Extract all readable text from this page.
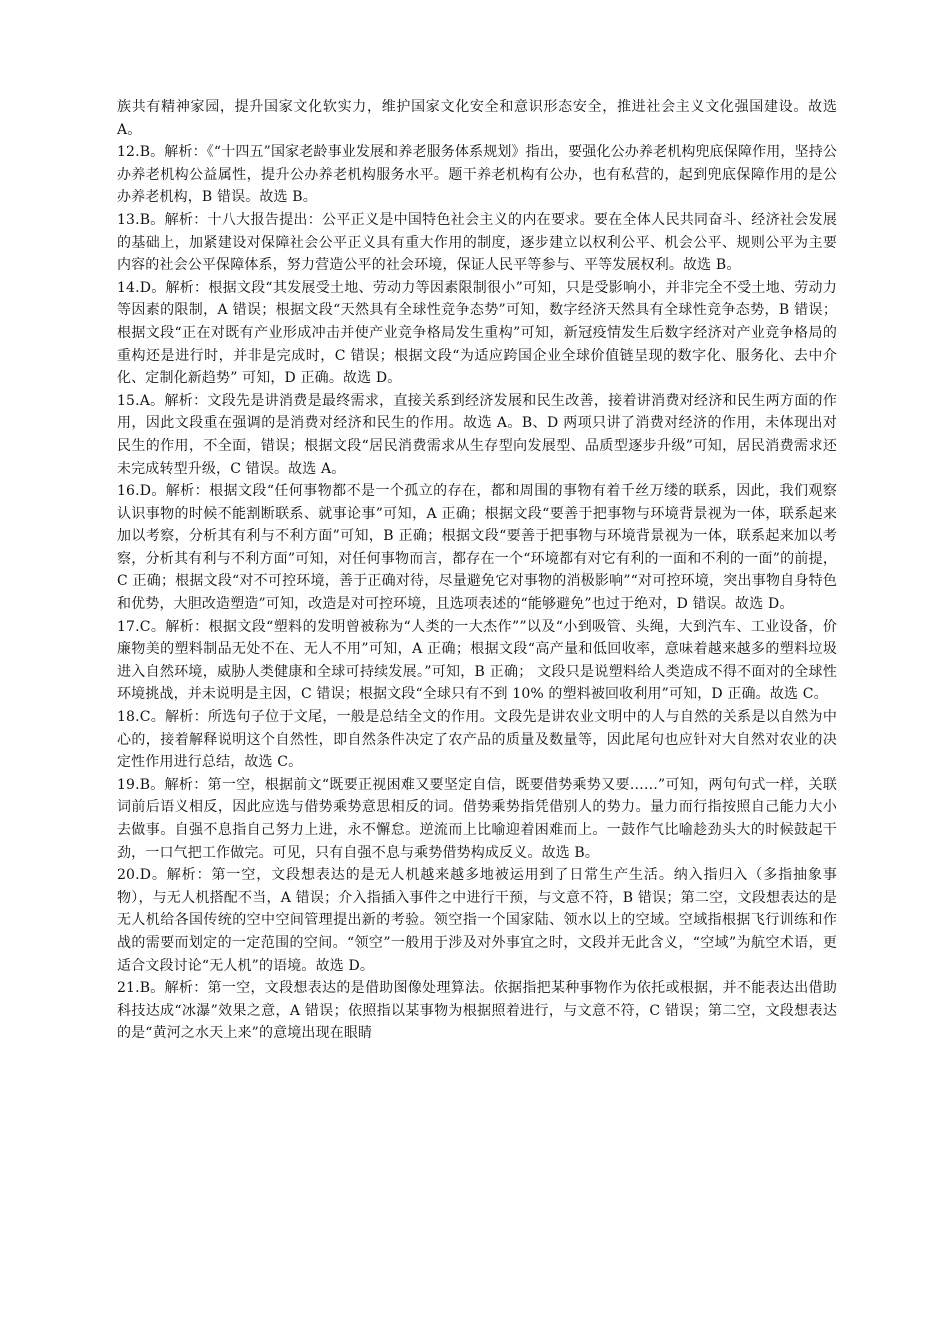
族共有精神家园，提升国家文化软实力，维护国家文化安全和意识形态安全，推进社会主义文化强国建设。故选 A。

12.B。解析：《“十四五”国家老龄事业发展和养老服务体系规划》指出，要强化公办养老机构兜底保障作用，坚持公办养老机构公益属性，提升公办养老机构服务水平。题干养老机构有公办，也有私营的，起到兜底保障作用的是公办养老机构，B 错误。故选 B。

13.B。解析：十八大报告提出：公平正义是中国特色社会主义的内在要求。要在全体人民共同奋斗、经济社会发展的基础上，加紧建设对保障社会公平正义具有重大作用的制度，逐步建立以权利公平、机会公平、规则公平为主要内容的社会公平保障体系，努力营造公平的社会环境，保证人民平等参与、平等发展权利。故选 B。

14.D。解析：根据文段“其发展受土地、劳动力等因素限制很小”可知，只是受影响小，并非完全不受土地、劳动力等因素的限制，A 错误；根据文段“天然具有全球性竞争态势”可知，数字经济天然具有全球性竞争态势，B 错误；根据文段“正在对既有产业形成冲击并使产业竞争格局发生重构”可知，新冠疫情发生后数字经济对产业竞争格局的重构还是进行时，并非是完成时，C 错误；根据文段“为适应跨国企业全球价值链呈现的数字化、服务化、去中介化、定制化新趋势” 可知，D 正确。故选 D。

15.A。解析：文段先是讲消费是最终需求，直接关系到经济发展和民生改善，接着讲消费对经济和民生两方面的作用，因此文段重在强调的是消费对经济和民生的作用。故选 A。B、D 两项只讲了消费对经济的作用，未体现出对民生的作用，不全面，错误；根据文段“居民消费需求从生存型向发展型、品质型逐步升级”可知，居民消费需求还未完成转型升级，C 错误。故选 A。

16.D。解析：根据文段“任何事物都不是一个孤立的存在，都和周围的事物有着千丝万缕的联系，因此，我们观察认识事物的时候不能割断联系、就事论事”可知，A 正确；根据文段“要善于把事物与环境背景视为一体，联系起来加以考察，分析其有利与不利方面”可知，B 正确；根据文段“要善于把事物与环境背景视为一体，联系起来加以考察，分析其有利与不利方面”可知，对任何事物而言，都存在一个“环境都有对它有利的一面和不利的一面”的前提，C 正确；根据文段“对不可控环境，善于正确对待，尽量避免它对事物的消极影响”“对可控环境，突出事物自身特色和优势，大胆改造塑造”可知，改造是对可控环境，且选项表述的“能够避免”也过于绝对，D 错误。故选 D。

17.C。解析：根据文段“塑料的发明曾被称为“人类的一大杰作””以及“小到吸管、头绳，大到汽车、工业设备，价廉物美的塑料制品无处不在、无人不用”可知，A 正确；根据文段“高产量和低回收率，意味着越来越多的塑料垃圾进入自然环境，威胁人类健康和全球可持续发展。”可知，B 正确； 文段只是说塑料给人类造成不得不面对的全球性环境挑战，并未说明是主因，C 错误；根据文段“全球只有不到 10% 的塑料被回收利用”可知，D 正确。故选 C。

18.C。解析：所选句子位于文尾，一般是总结全文的作用。文段先是讲农业文明中的人与自然的关系是以自然为中心的，接着解释说明这个自然性，即自然条件决定了农产品的质量及数量等，因此尾句也应针对大自然对农业的决定性作用进行总结，故选 C。

19.B。解析：第一空，根据前文“既要正视困难又要坚定自信，既要借势乘势又要……”可知，两句句式一样，关联词前后语义相反，因此应选与借势乘势意思相反的词。借势乘势指凭借别人的势力。量力而行指按照自己能力大小去做事。自强不息指自己努力上进，永不懈怠。逆流而上比喻迎着困难而上。一鼓作气比喻趁劲头大的时候鼓起干劲，一口气把工作做完。可见，只有自强不息与乘势借势构成反义。故选 B。

20.D。解析：第一空，文段想表达的是无人机越来越多地被运用到了日常生产生活。纳入指归入（多指抽象事物），与无人机搭配不当，A 错误；介入指插入事件之中进行干预，与文意不符，B 错误；第二空，文段想表达的是无人机给各国传统的空中空间管理提出新的考验。领空指一个国家陆、领水以上的空域。空域指根据飞行训练和作战的需要而划定的一定范围的空间。“领空”一般用于涉及对外事宜之时，文段并无此含义，“空域”为航空术语，更适合文段讨论“无人机”的语境。故选 D。

21.B。解析：第一空，文段想表达的是借助图像处理算法。依据指把某种事物作为依托或根据，并不能表达出借助科技达成“冰瀑”效果之意，A 错误；依照指以某事物为根据照着进行，与文意不符，C 错误；第二空，文段想表达的是“黄河之水天上来”的意境出现在眼睛
